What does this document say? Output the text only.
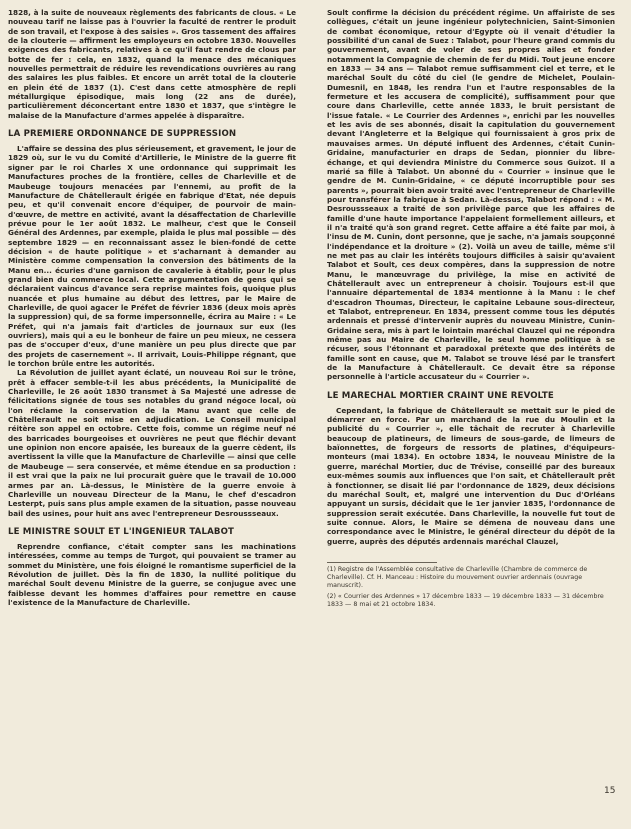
1828, à la suite de nouveaux règlements des fabricants de clous. « Le nouveau tarif ne laisse pas à l'ouvrier la faculté de rentrer le produit de son travail, et l'expose à des saisies ». Gros tassement des affaires de la clouterie — affirment les employeurs en octobre 1830. Nouvelles exigences des fabricants, relatives à ce qu'il faut rendre de clous par botte de fer : cela, en 1832, quand la menace des mécaniques nouvelles permettrait de réduire les revendications ouvrières au rang des salaires les plus faibles. Et encore un arrêt total de la clouterie en plein été de 1837 (1). C'est dans cette atmosphère de repli métallurgique épisodique, mais long (22 ans de durée), particulièrement déconcertant entre 1830 et 1837, que s'intègre le malaise de la Manufacture d'armes appelée à disparaître.

LA PREMIERE ORDONNANCE DE SUPPRESSION

L'affaire se dessina des plus sérieusement, et gravement, le jour de 1829 où, sur le vu du Comité d'Artillerie, le Ministre de la guerre fit signer par le roi Charles X une ordonnance qui supprimait les Manufactures proches de la frontière, celles de Charleville et de Maubeuge toujours menacées par l'ennemi, au profit de la Manufacture de Châtellerault érigée en fabrique d'Etat, née depuis peu, et qu'il convenait encore d'équiper, de pourvoir de main-d'œuvre, de mettre en activité, avant la désaffectation de Charleville prévue pour le 1er août 1832. Le malheur, c'est que le Conseil Général des Ardennes, par exemple, plaida le plus mal possible — dès septembre 1829 — en reconnaissant assez le bien-fondé de cette décision « de haute politique » et s'acharnant à demander au Ministère comme compensation la conversion des bâtiments de la Manu en... écuries d'une garnison de cavalerie à établir, pour le plus grand bien du commerce local. Cette argumentation de gens qui se déclaraient vaincus d'avance sera reprise maintes fois, quoique plus nuancée et plus humaine au début des lettres, par le Maire de Charleville, de quoi agacer le Préfet de février 1836 (deux mois après la suppression) qui, de sa forme impersonnelle, écrira au Maire : « Le Préfet, qui n'a jamais fait d'articles de journaux sur eux (les ouvriers), mais qui a eu le bonheur de faire un peu mieux, ne cessera pas de s'occuper d'eux, d'une manière un peu plus directe que par des projets de casernement ». Il arrivait, Louis-Philippe régnant, que le torchon brûle entre les autorités.

La Révolution de juillet ayant éclaté, un nouveau Roi sur le trône, prêt à effacer semble-t-il les abus précédents, la Municipalité de Charleville, le 26 août 1830 transmet à Sa Majesté une adresse de félicitations signée de tous ses notables du grand négoce local, où l'on réclame la conservation de la Manu avant que celle de Châtellerault ne soit mise en adjudication. Le Conseil municipal réitère son appel en octobre. Cette fois, comme un régime neuf né des barricades bourgeoises et ouvrières ne peut que fléchir devant une opinion non encore apaisée, les bureaux de la guerre cèdent, ils avertissent la ville que la Manufacture de Charleville — ainsi que celle de Maubeuge — sera conservée, et même étendue en sa production : il est vrai que la paix ne lui procurait guère que le travail de 10.000 armes par an. Là-dessus, le Ministère de la guerre envoie à Charleville un nouveau Directeur de la Manu, le chef d'escadron Lesterpt, puis sans plus ample examen de la situation, passe nouveau bail des usines, pour huit ans avec l'entrepreneur Desroussseaux.

LE MINISTRE SOULT ET L'INGENIEUR TALABOT

Reprendre confiance, c'était compter sans les machinations intéressées, comme au temps de Turgot, qui pouvaient se tramer au sommet du Ministère, une fois éloigné le romantisme superficiel de la Révolution de juillet. Dès la fin de 1830, la nullité politique du maréchal Soult devenu Ministre de la guerre, se conjugue avec une faiblesse devant les hommes d'affaires pour remettre en cause l'existence de la Manufacture de Charleville.

Soult confirme la décision du précédent régime. Un affairiste de ses collègues, c'était un jeune ingénieur polytechnicien, Saint-Simonien de combat économique, retour d'Egypte où il venait d'étudier la possibilité d'un canal de Suez : Talabot, pour l'heure grand commis du gouvernement, avant de voler de ses propres ailes et fonder notamment la Compagnie de chemin de fer du Midi. Tout jeune encore en 1833 — 34 ans — Talabot remue suffisamment ciel et terre, et le maréchal Soult du côté du ciel (le gendre de Michelet, Poulain-Dumesnil, en 1848, les rendra l'un et l'autre responsables de la fermeture et les accusera de complicité), suffisamment pour que coure dans Charleville, cette année 1833, le bruit persistant de l'issue fatale. « Le Courrier des Ardennes », enrichi par les nouvelles et les avis de ses abonnés, disait la capitulation du gouvernement devant l'Angleterre et la Belgique qui fournissaient à gros prix de mauvaises armes. Un député influent des Ardennes, c'était Cunin-Gridaine, manufacturier en draps de Sedan, pionnier du libre-échange, et qui deviendra Ministre du Commerce sous Guizot. Il a marié sa fille à Talabot. Un abonné du « Courrier » insinue que le gendre de M. Cunin-Gridaine, « ce député incorruptible pour ses parents », pourrait bien avoir traité avec l'entrepreneur de Charleville pour transférer la fabrique à Sedan. Là-dessus, Talabot répond : « M. Desroussseaux a traité de son privilège parce que les affaires de famille d'une haute importance l'appelaient formellement ailleurs, et il n'a traité qu'à son grand regret. Cette affaire a été faite par moi, à l'insu de M. Cunin, dont personne, que je sache, n'a jamais soupçonné l'indépendance et la droiture » (2). Voilà un aveu de taille, même s'il ne met pas au clair les intérêts toujours difficiles à saisir qu'avaient Talabot et Soult, ces deux compères, dans la suppression de notre Manu, le manœuvrage du privilège, la mise en activité de Châtellerault avec un entrepreneur à choisir. Toujours est-il que l'annuaire départemental de 1834 mentionne à la Manu : le chef d'escadron Thoumas, Directeur, le capitaine Lebaune sous-directeur, et Talabot, entrepreneur. En 1834, pressent comme tous les députés ardennais et pressé d'intervenir auprès du nouveau Ministre, Cunin-Gridaine sera, mis à part le lointain maréchal Clauzel qui ne répondra même pas au Maire de Charleville, le seul homme politique à se récuser, sous l'étonnant et paradoxal prétexte que des intérêts de famille sont en cause, que M. Talabot se trouve lésé par le transfert de la Manufacture à Châtellerault. Ce devait être sa réponse personnelle à l'article accusateur du « Courrier ».

LE MARECHAL MORTIER CRAINT UNE REVOLTE

Cependant, la fabrique de Châtellerault se mettait sur le pied de démarrer en force. Par un marchand de la rue du Moulin et la publicité du « Courrier », elle tâchait de recruter à Charleville beaucoup de platineurs, de limeurs de sous-garde, de limeurs de baïonnettes, de forgeurs de ressorts de platines, d'équipeurs-monteurs (mai 1834). En octobre 1834, le nouveau Ministre de la guerre, maréchal Mortier, duc de Trévise, conseillé par des bureaux eux-mêmes soumis aux influences que l'on sait, et Châtellerault prêt à fonctionner, se disait lié par l'ordonnance de 1829, deux décisions du maréchal Soult, et, malgré une intervention du Duc d'Orléans appuyant un sursis, décidait que le 1er janvier 1835, l'ordonnance de suppression serait exécutée. Dans Charleville, la nouvelle fut tout de suite connue. Alors, le Maire se démena de nouveau dans une correspondance avec le Ministre, le général directeur du dépôt de la guerre, auprès des députés ardennais maréchal Clauzel,

(1) Registre de l'Assemblée consultative de Charleville (Chambre de commerce de Charleville). Cf. H. Manceau : Histoire du mouvement ouvrier ardennais (ouvrage manuscrit).

(2) « Courrier des Ardennes » 17 décembre 1833 — 19 décembre 1833 — 31 décembre 1833 — 8 mai et 21 octobre 1834.

15
